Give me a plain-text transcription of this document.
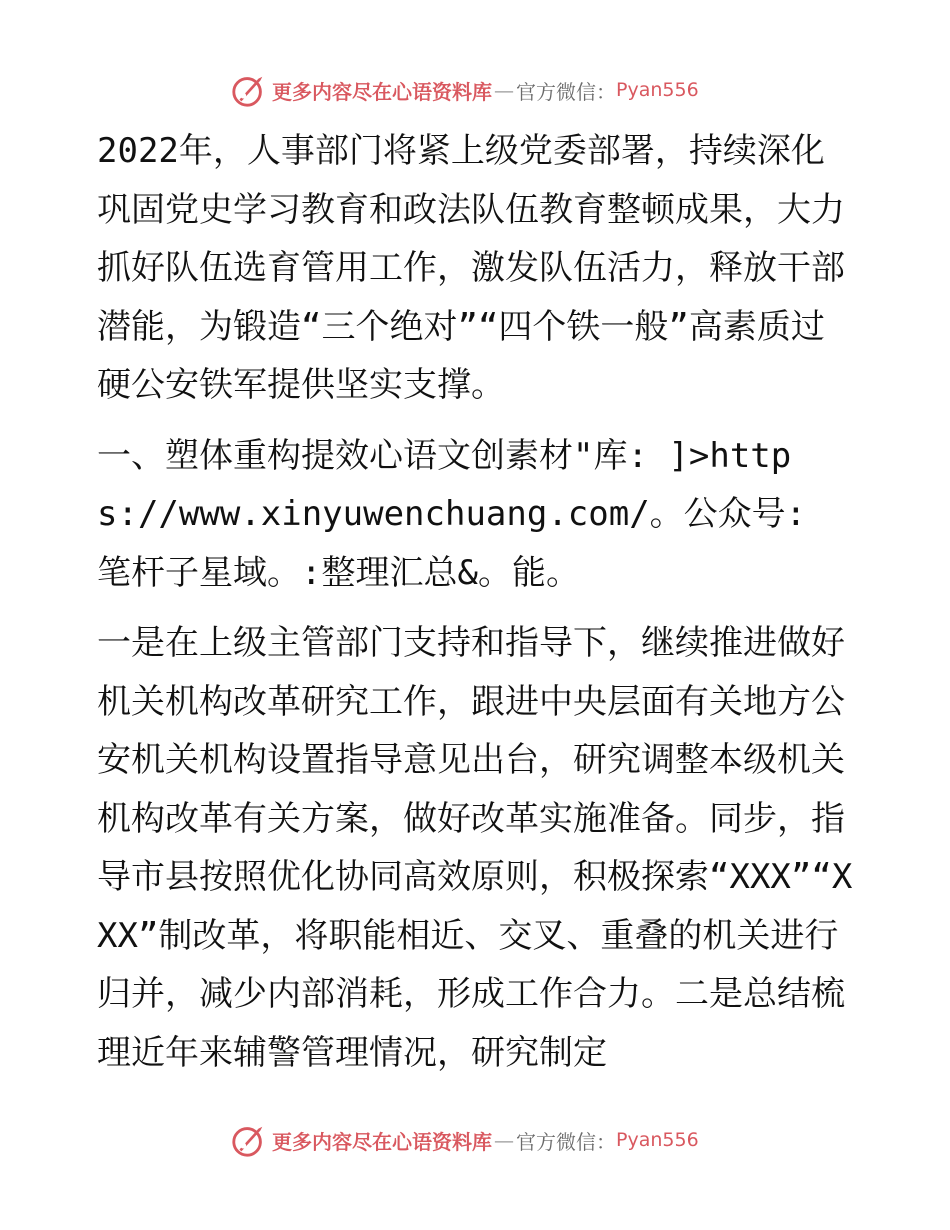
更多内容尽在心语资料库 — 官方微信： Pyan556

2022年，人事部门将紧上级党委部署，持续深化巩固党史学习教育和政法队伍教育整顿成果，大力抓好队伍选育管用工作，激发队伍活力，释放干部潜能，为锻造“三个绝对”“四个铁一般”高素质过硬公安铁军提供坚实支撑。

一、塑体重构提效心语文创素材"库: ]>https://www.xinyuwenchuang.com/。公众号: 笔杆子星域。:整理汇总&。能。

一是在上级主管部门支持和指导下，继续推进做好机关机构改革研究工作，跟进中央层面有关地方公安机关机构设置指导意见出台，研究调整本级机关机构改革有关方案，做好改革实施准备。同步，指导市县按照优化协同高效原则，积极探索“XXX”“XXX”制改革，将职能相近、交叉、重叠的机关进行归并，减少内部消耗，形成工作合力。二是总结梳理近年来辅警管理情况，研究制定

更多内容尽在心语资料库 — 官方微信： Pyan556
